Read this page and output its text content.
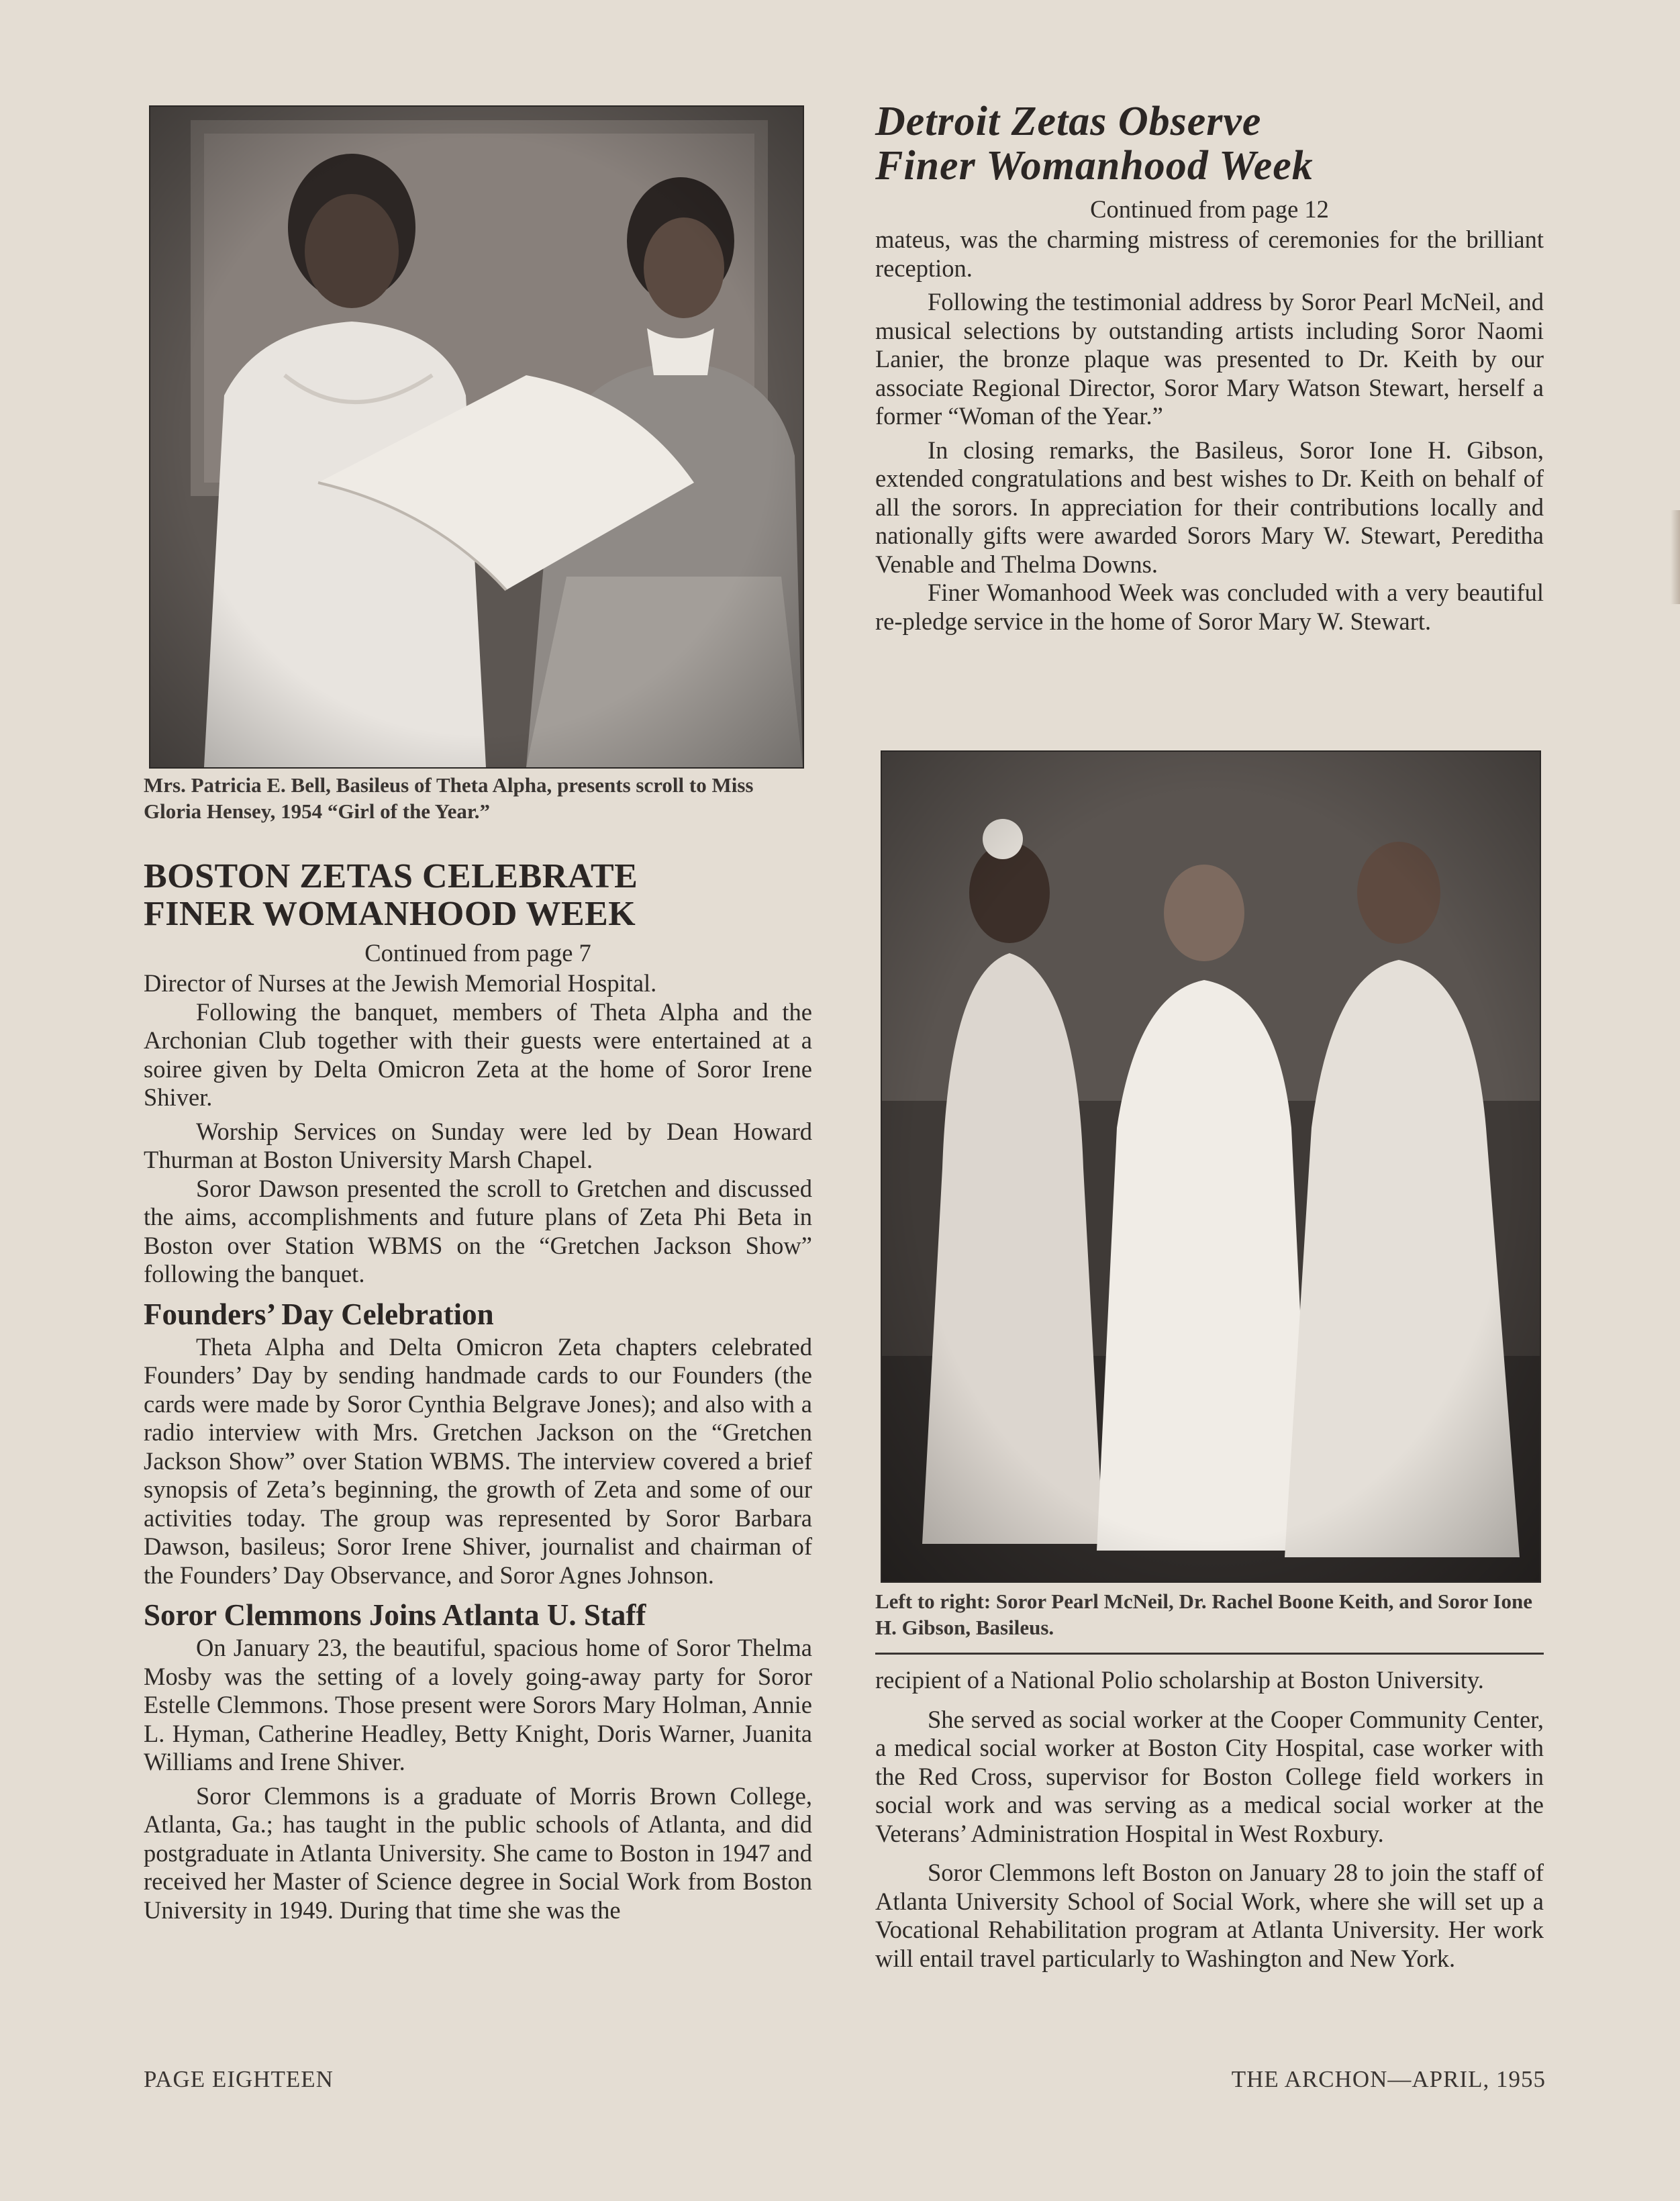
Mrs. Patricia E. Bell, Basileus of Theta Alpha, presents scroll to Miss Gloria Hensey, 1954 “Girl of the Year.”

BOSTON ZETAS CELEBRATE

FINER WOMANHOOD WEEK

Continued from page 7

Director of Nurses at the Jewish Memorial Hospital.

Following the banquet, members of Theta Alpha and the Archonian Club together with their guests were entertained at a soiree given by Delta Omicron Zeta at the home of Soror Irene Shiver.

Worship Services on Sunday were led by Dean Howard Thurman at Boston University Marsh Chapel.

Soror Dawson presented the scroll to Gretchen and discussed the aims, accomplishments and future plans of Zeta Phi Beta in Boston over Station WBMS on the “Gretchen Jackson Show” following the banquet.

Founders’ Day Celebration

Theta Alpha and Delta Omicron Zeta chapters celebrated Founders’ Day by sending handmade cards to our Founders (the cards were made by Soror Cynthia Belgrave Jones); and also with a radio interview with Mrs. Gretchen Jackson on the “Gretchen Jackson Show” over Station WBMS. The interview covered a brief synopsis of Zeta’s beginning, the growth of Zeta and some of our activities today. The group was represented by Soror Barbara Dawson, basileus; Soror Irene Shiver, journalist and chairman of the Founders’ Day Observance, and Soror Agnes Johnson.

Soror Clemmons Joins Atlanta U. Staff

On January 23, the beautiful, spacious home of Soror Thelma Mosby was the setting of a lovely going-away party for Soror Estelle Clemmons. Those present were Sorors Mary Holman, Annie L. Hyman, Catherine Headley, Betty Knight, Doris Warner, Juanita Williams and Irene Shiver.

Soror Clemmons is a graduate of Morris Brown College, Atlanta, Ga.; has taught in the public schools of Atlanta, and did postgraduate in Atlanta University. She came to Boston in 1947 and received her Master of Science degree in Social Work from Boston University in 1949. During that time she was the

Detroit Zetas Observe

Finer Womanhood Week

Continued from page 12

mateus, was the charming mistress of ceremonies for the brilliant reception.

Following the testimonial address by Soror Pearl McNeil, and musical selections by outstanding artists including Soror Naomi Lanier, the bronze plaque was presented to Dr. Keith by our associate Regional Director, Soror Mary Watson Stewart, herself a former “Woman of the Year.”

In closing remarks, the Basileus, Soror Ione H. Gibson, extended congratulations and best wishes to Dr. Keith on behalf of all the sorors. In appreciation for their contributions locally and nationally gifts were awarded Sorors Mary W. Stewart, Pereditha Venable and Thelma Downs.

Finer Womanhood Week was concluded with a very beautiful re-pledge service in the home of Soror Mary W. Stewart.

Left to right: Soror Pearl McNeil, Dr. Rachel Boone Keith, and Soror Ione H. Gibson, Basileus.

recipient of a National Polio scholarship at Boston University.

She served as social worker at the Cooper Community Center, a medical social worker at Boston City Hospital, case worker with the Red Cross, supervisor for Boston College field workers in social work and was serving as a medical social worker at the Veterans’ Administration Hospital in West Roxbury.

Soror Clemmons left Boston on January 28 to join the staff of Atlanta University School of Social Work, where she will set up a Vocational Rehabilitation program at Atlanta University. Her work will entail travel particularly to Washington and New York.

PAGE EIGHTEEN	THE ARCHON—APRIL, 1955
